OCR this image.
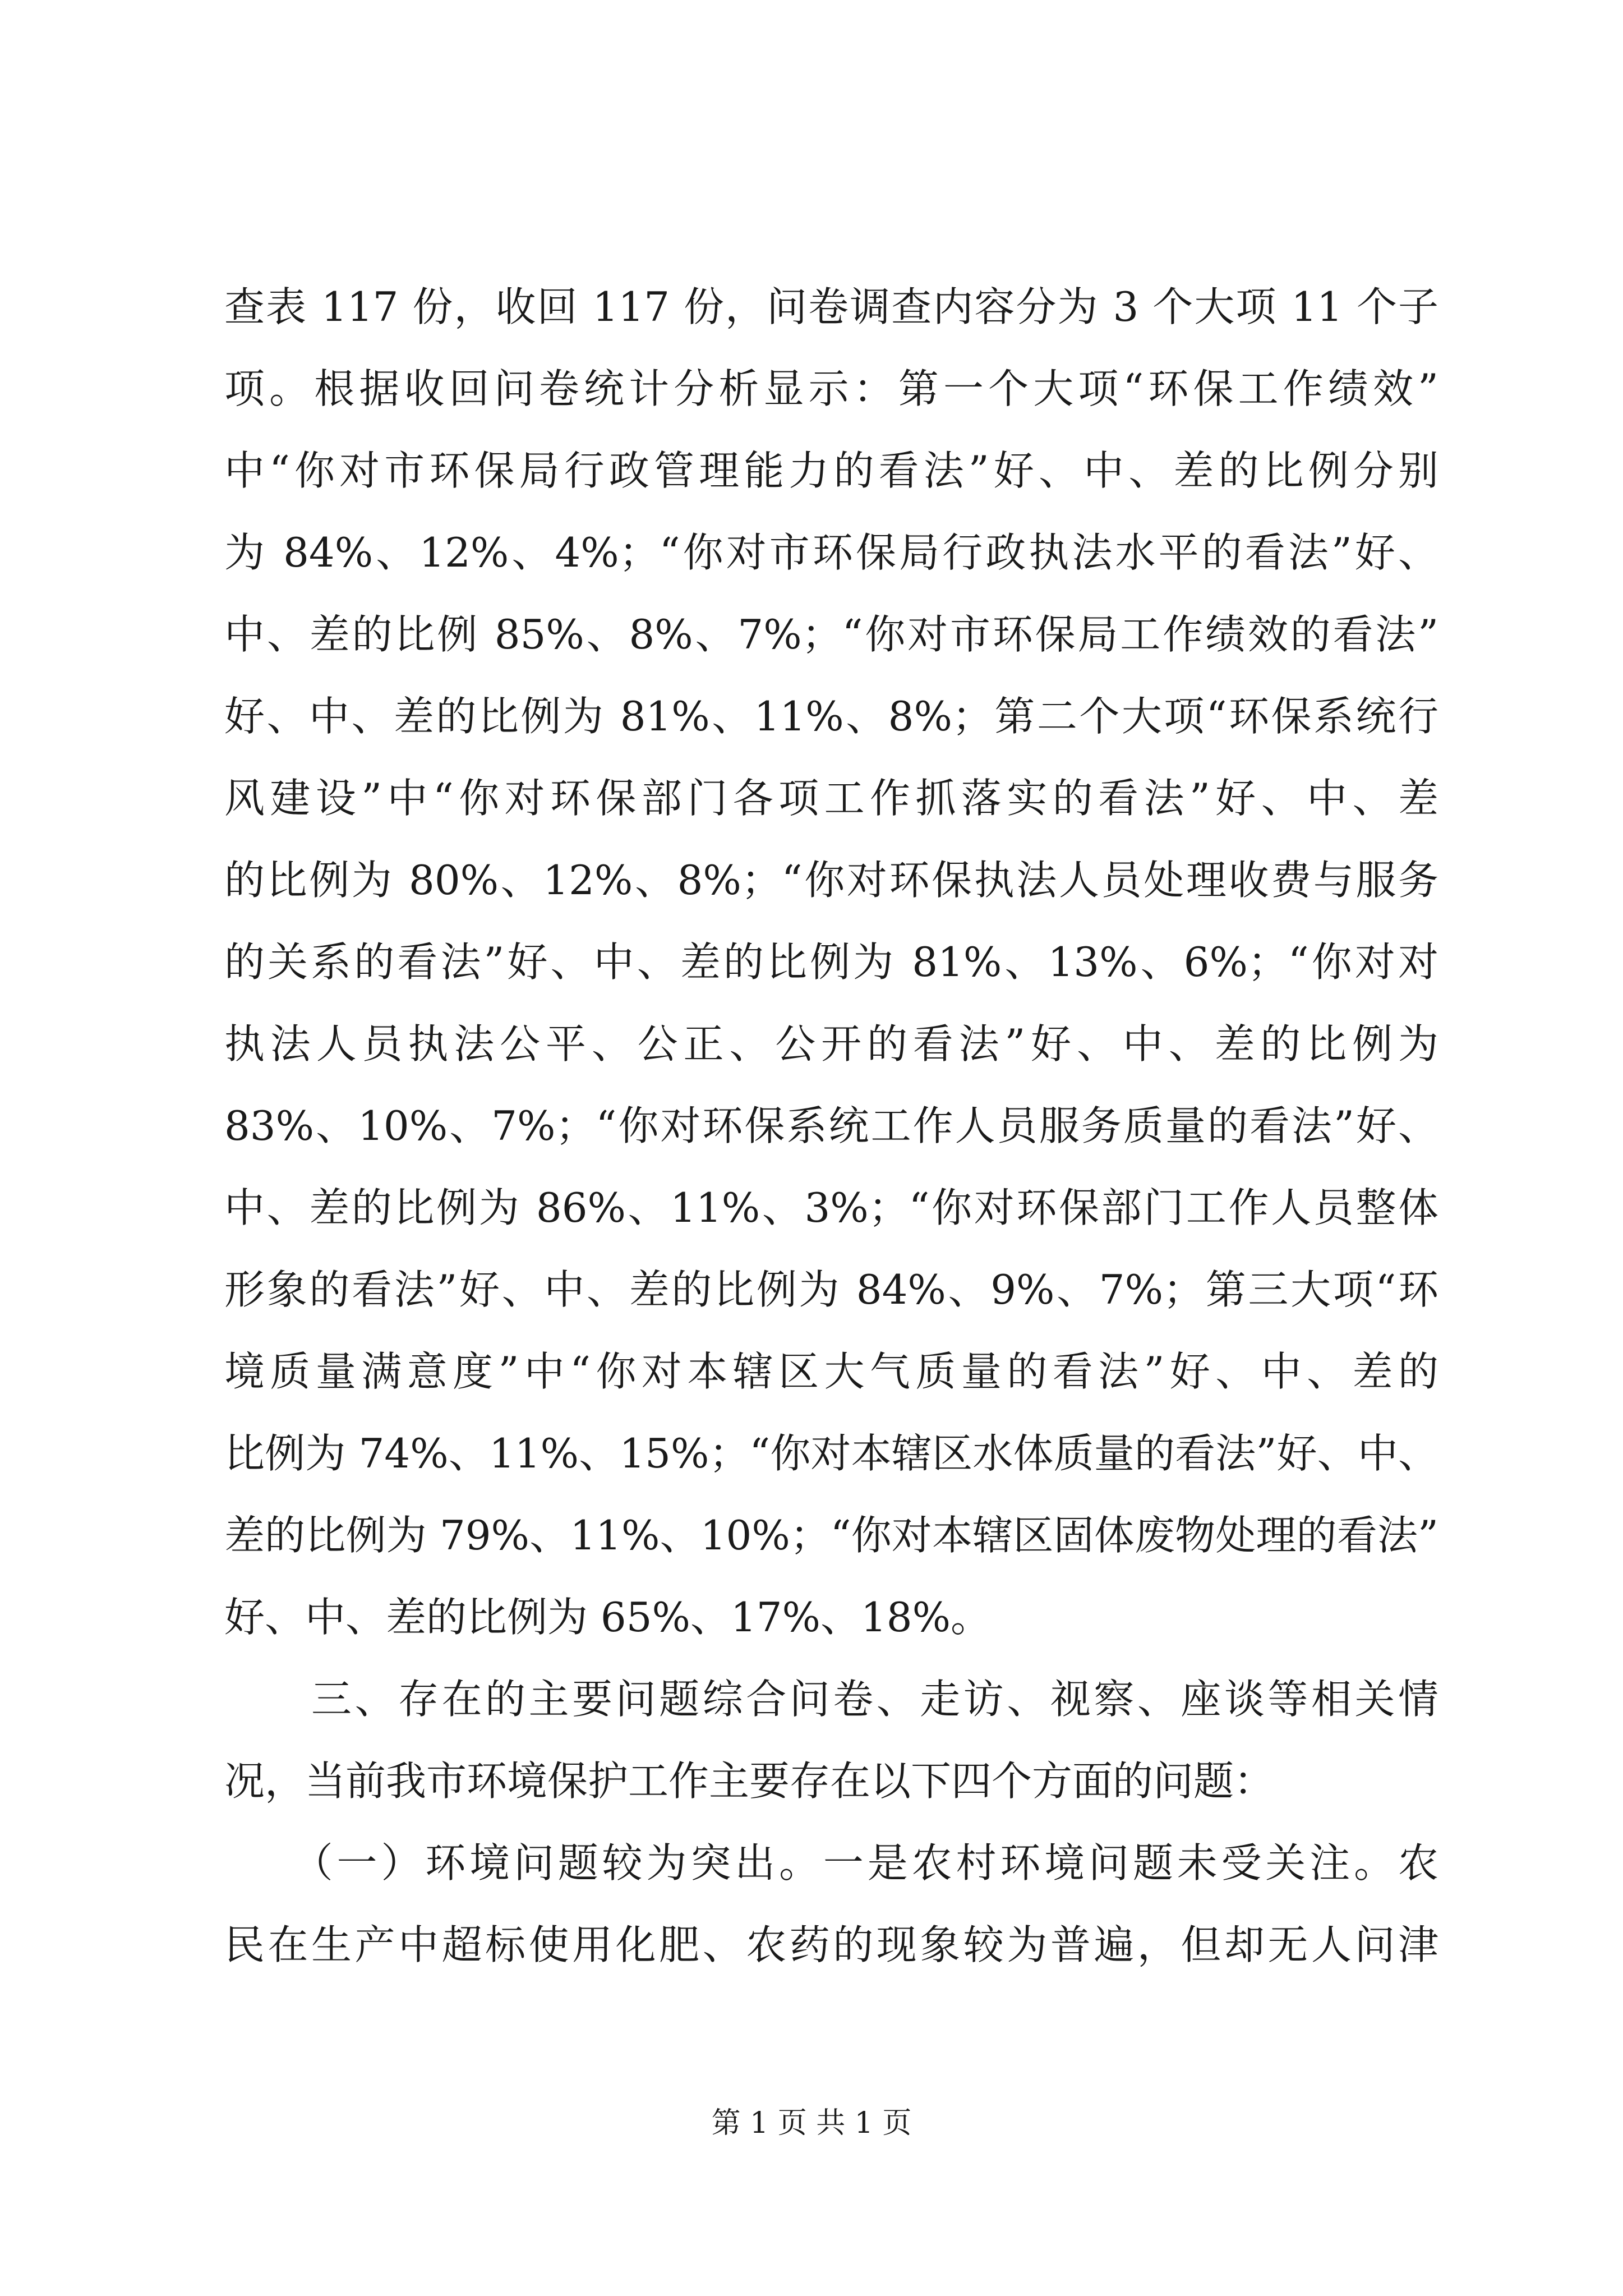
查表 117 份，收回 117 份，问卷调查内容分为 3 个大项 11 个子
项。根据收回问卷统计分析显示：第一个大项“环保工作绩效”
中“你对市环保局行政管理能力的看法”好、中、差的比例分别
为 84%、12%、4%；“你对市环保局行政执法水平的看法”好、
中、差的比例 85%、8%、7%；“你对市环保局工作绩效的看法”
好、中、差的比例为 81%、11%、8%；第二个大项“环保系统行
风建设”中“你对环保部门各项工作抓落实的看法”好、中、差
的比例为 80%、12%、8%；“你对环保执法人员处理收费与服务
的关系的看法”好、中、差的比例为 81%、13%、6%；“你对对
执法人员执法公平、公正、公开的看法”好、中、差的比例为
83%、10%、7%；“你对环保系统工作人员服务质量的看法”好、
中、差的比例为 86%、11%、3%；“你对环保部门工作人员整体
形象的看法”好、中、差的比例为 84%、9%、7%；第三大项“环
境质量满意度”中“你对本辖区大气质量的看法”好、中、差的
比例为 74%、11%、15%；“你对本辖区水体质量的看法”好、中、
差的比例为 79%、11%、10%；“你对本辖区固体废物处理的看法”
好、中、差的比例为 65%、17%、18%。
　　三、存在的主要问题综合问卷、走访、视察、座谈等相关情
况，当前我市环境保护工作主要存在以下四个方面的问题：
　　（一）环境问题较为突出。一是农村环境问题未受关注。农
民在生产中超标使用化肥、农药的现象较为普遍，但却无人问津
第 1 页 共 1 页
